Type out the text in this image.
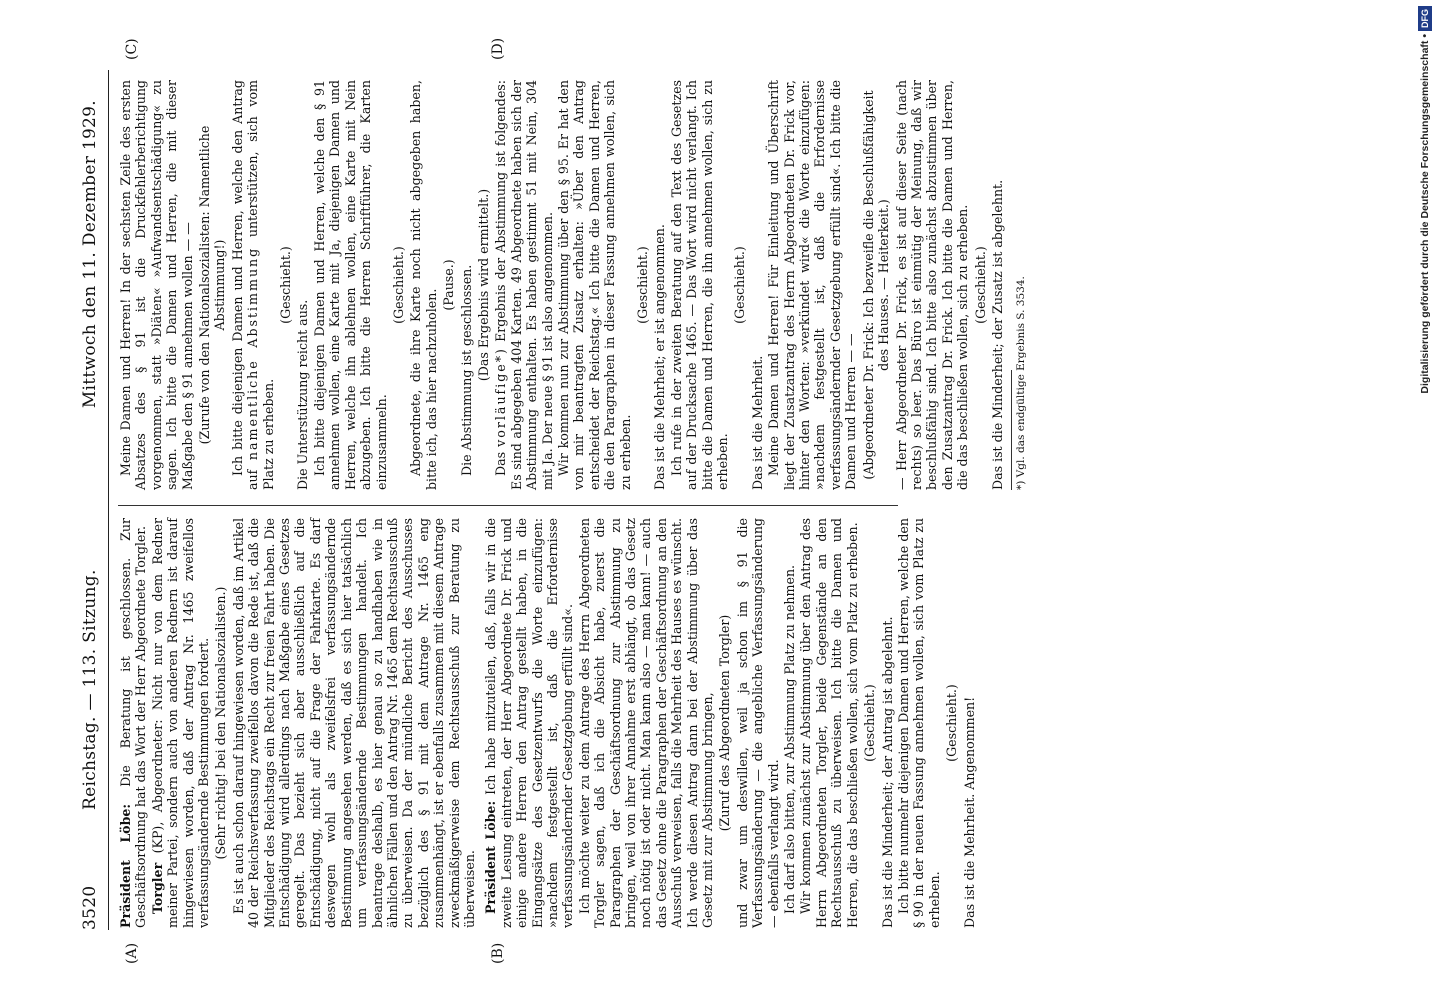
3520
Reichstag. — 113. Sitzung.
Mittwoch den 11. Dezember 1929.
(A)	(B)
(C)	(D)

Präsident Löbe: Die Beratung ist geschlossen. Zur Geschäftsordnung hat das Wort der Herr Abgeordnete Torgler. Torgler (KP), Abgeordneter: Nicht nur von dem Redner meiner Partei, sondern auch von anderen Rednern ist darauf hingewiesen worden, daß der Antrag Nr. 1465 zweifellos verfassungsändernde Bestimmungen fordert. (Sehr richtig! bei den Nationalsozialisten.) Es ist auch schon darauf hingewiesen worden, daß im Artikel 40 der Reichsverfassung zweifellos davon die Rede ist, daß die Mitglieder des Reichstags ein Recht zur freien Fahrt haben. Die Entschädigung wird allerdings nach Maßgabe eines Gesetzes geregelt. Das bezieht sich aber ausschließlich auf die Entschädigung, nicht auf die Frage der Fahrkarte. Es darf deswegen wohl als zweifelsfrei verfassungsändernde Bestimmung angesehen werden, daß es sich hier tatsächlich um verfassungsändernde Bestimmungen handelt. Ich beantrage deshalb, es hier genau so zu handhaben wie in ähnlichen Fällen und den Antrag Nr. 1465 dem Rechtsausschuß zu überweisen. Da der mündliche Bericht des Ausschusses bezüglich des § 91 mit dem Antrage Nr. 1465 eng zusammenhängt, ist er ebenfalls zusammen mit diesem Antrage zweckmäßigerweise dem Rechtsausschuß zur Beratung zu überweisen. Präsident Löbe: Ich habe mitzuteilen, daß, falls wir in die zweite Lesung eintreten, der Herr Abgeordnete Dr. Frick und einige andere Herren den Antrag gestellt haben, in die Eingangsätze des Gesetzentwurfs die Worte einzufügen: »nachdem festgestellt ist, daß die Erfordernisse verfassungsändernder Gesetzgebung erfüllt sind«. Ich möchte weiter zu dem Antrage des Herrn Abgeordneten Torgler sagen, daß ich die Absicht habe, zuerst die Paragraphen der Geschäftsordnung zur Abstimmung zu bringen, weil von ihrer Annahme erst abhängt, ob das Gesetz noch nötig ist oder nicht. Man kann also — man kann! — auch das Gesetz ohne die Paragraphen der Geschäftsordnung an den Ausschuß verweisen, falls die Mehrheit des Hauses es wünscht. Ich werde diesen Antrag dann bei der Abstimmung über das Gesetz mit zur Abstimmung bringen, (Zuruf des Abgeordneten Torgler) und zwar um deswillen, weil ja schon im § 91 die Verfassungsänderung — die angebliche Verfassungsänderung — ebenfalls verlangt wird. Ich darf also bitten, zur Abstimmung Platz zu nehmen. Wir kommen zunächst zur Abstimmung über den Antrag des Herrn Abgeordneten Torgler, beide Gegenstände an den Rechtsausschuß zu überweisen. Ich bitte die Damen und Herren, die das beschließen wollen, sich vom Platz zu erheben. (Geschieht.) Das ist die Minderheit; der Antrag ist abgelehnt. Ich bitte nunmehr diejenigen Damen und Herren, welche den § 90 in der neuen Fassung annehmen wollen, sich vom Platz zu erheben.

(Geschieht.) Das ist die Mehrheit. Angenommen!

Meine Damen und Herren! In der sechsten Zeile des ersten Absatzes des § 91 ist die Druckfehlerberichtigung vorgenommen, statt »Diäten« »Aufwandsentschädigung« zu sagen. Ich bitte die Damen und Herren, die mit dieser Maßgabe den § 91 annehmen wollen — — (Zurufe von den Nationalsozialisten: Namentliche Abstimmung!) Ich bitte diejenigen Damen und Herren, welche den Antrag auf namentliche Abstimmung unterstützen, sich vom Platz zu erheben.

(Geschieht.)

Die Unterstützung reicht aus. Ich bitte diejenigen Damen und Herren, welche den § 91 annehmen wollen, eine Karte mit Ja, diejenigen Damen und Herren, welche ihn ablehnen wollen, eine Karte mit Nein abzugeben. Ich bitte die Herren Schriftführer, die Karten einzusammeln.

(Geschieht.) Abgeordnete, die ihre Karte noch nicht abgegeben haben, bitte ich, das hier nachzuholen.

(Pause.) Die Abstimmung ist geschlossen. (Das Ergebnis wird ermittelt.)

Das vorläufige*) Ergebnis der Abstimmung ist folgendes: Es sind abgegeben 404 Karten. 49 Abgeordnete haben sich der Abstimmung enthalten. Es haben gestimmt 51 mit Nein, 304 mit Ja. Der neue § 91 ist also angenommen. Wir kommen nun zur Abstimmung über den § 95. Er hat den von mir beantragten Zusatz erhalten: »Über den Antrag entscheidet der Reichstag.« Ich bitte die Damen und Herren, die den Paragraphen in dieser Fassung annehmen wollen, sich zu erheben.

(Geschieht.) Das ist die Mehrheit; er ist angenommen. Ich rufe in der zweiten Beratung auf den Text des Gesetzes auf der Drucksache 1465. — Das Wort wird nicht verlangt. Ich bitte die Damen und Herren, die ihn annehmen wollen, sich zu erheben.

(Geschieht.)

Das ist die Mehrheit. Meine Damen und Herren! Für Einleitung und Überschrift liegt der Zusatzantrag des Herrn Abgeordneten Dr. Frick vor, hinter den Worten: »verkündet wird« die Worte einzufügen: »nachdem festgestellt ist, daß die Erfordernisse verfassungsändernder Gesetzgebung erfüllt sind«. Ich bitte die Damen und Herren — — (Abgeordneter Dr. Frick: Ich bezweifle die Beschlußfähigkeit des Hauses. — Heiterkeit.) — Herr Abgeordneter Dr. Frick, es ist auf dieser Seite (nach rechts) so leer. Das Büro ist einmütig der Meinung, daß wir beschlußfähig sind. Ich bitte also zunächst abzustimmen über den Zusatzantrag Dr. Frick. Ich bitte die Damen und Herren, die das beschließen wollen, sich zu erheben. (Geschieht.) Das ist die Minderheit; der Zusatz ist abgelehnt. *) Vgl. das endgültige Ergebnis S. 3534.	Digitalisierung gefördert durch die Deutsche Forschungsgemeinschaft •DFG
